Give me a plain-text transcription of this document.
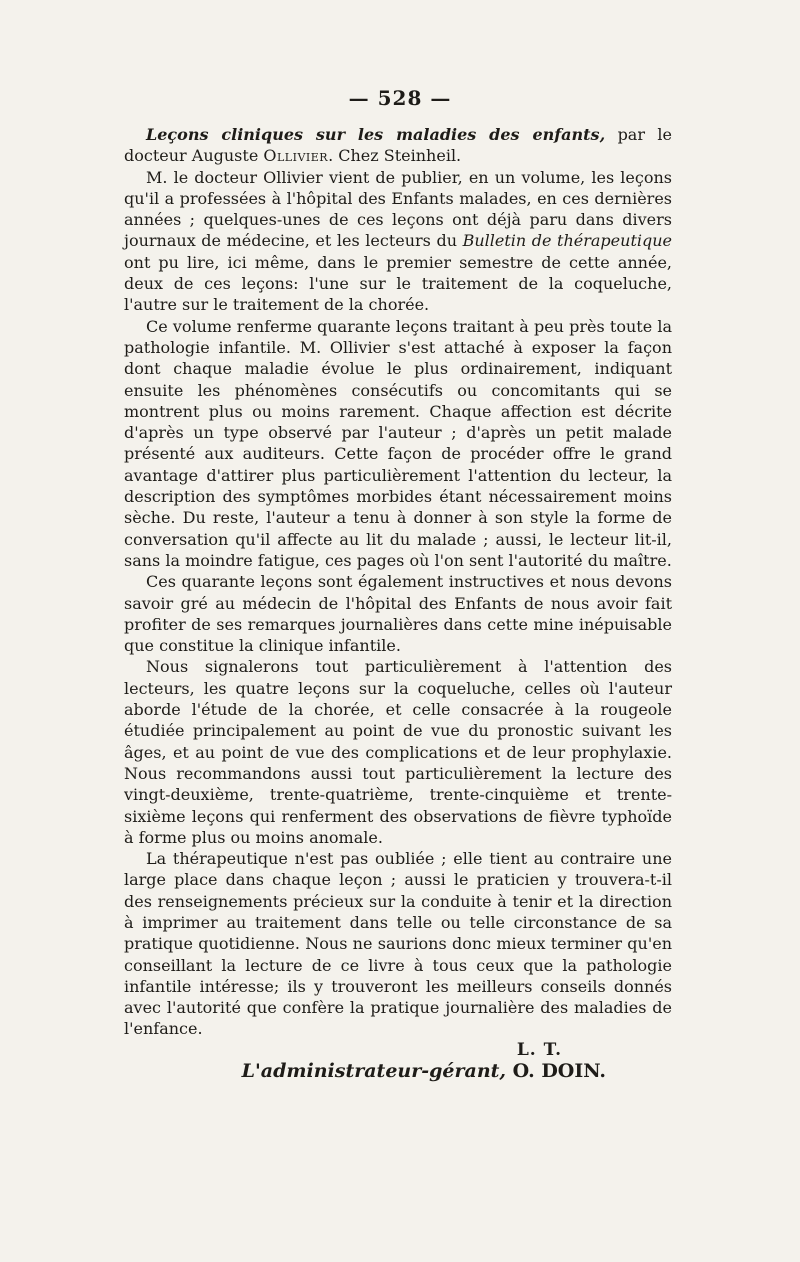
— 528 —

Leçons cliniques sur les maladies des enfants, par le docteur Auguste Ollivier. Chez Steinheil.

M. le docteur Ollivier vient de publier, en un volume, les leçons qu'il a professées à l'hôpital des Enfants malades, en ces dernières années ; quelques-unes de ces leçons ont déjà paru dans divers journaux de médecine, et les lecteurs du Bulletin de thérapeutique ont pu lire, ici même, dans le premier semestre de cette année, deux de ces leçons: l'une sur le traitement de la coqueluche, l'autre sur le traitement de la chorée.

Ce volume renferme quarante leçons traitant à peu près toute la pathologie infantile. M. Ollivier s'est attaché à exposer la façon dont chaque maladie évolue le plus ordinairement, indiquant ensuite les phénomènes consécutifs ou concomitants qui se montrent plus ou moins rarement. Chaque affection est décrite d'après un type observé par l'auteur ; d'après un petit malade présenté aux auditeurs. Cette façon de procéder offre le grand avantage d'attirer plus particulièrement l'attention du lecteur, la description des symptômes morbides étant nécessairement moins sèche. Du reste, l'auteur a tenu à donner à son style la forme de conversation qu'il affecte au lit du malade ; aussi, le lecteur lit-il, sans la moindre fatigue, ces pages où l'on sent l'autorité du maître.

Ces quarante leçons sont également instructives et nous devons savoir gré au médecin de l'hôpital des Enfants de nous avoir fait profiter de ses remarques journalières dans cette mine inépuisable que constitue la clinique infantile.

Nous signalerons tout particulièrement à l'attention des lecteurs, les quatre leçons sur la coqueluche, celles où l'auteur aborde l'étude de la chorée, et celle consacrée à la rougeole étudiée principalement au point de vue du pronostic suivant les âges, et au point de vue des complications et de leur prophylaxie. Nous recommandons aussi tout particulièrement la lecture des vingt-deuxième, trente-quatrième, trente-cinquième et trente-sixième leçons qui renferment des observations de fièvre typhoïde à forme plus ou moins anomale.

La thérapeutique n'est pas oubliée ; elle tient au contraire une large place dans chaque leçon ; aussi le praticien y trouvera-t-il des renseignements précieux sur la conduite à tenir et la direction à imprimer au traitement dans telle ou telle circonstance de sa pratique quotidienne. Nous ne saurions donc mieux terminer qu'en conseillant la lecture de ce livre à tous ceux que la pathologie infantile intéresse; ils y trouveront les meilleurs conseils donnés avec l'autorité que confère la pratique journalière des maladies de l'enfance.

L. T.

L'administrateur-gérant, O. DOIN.
